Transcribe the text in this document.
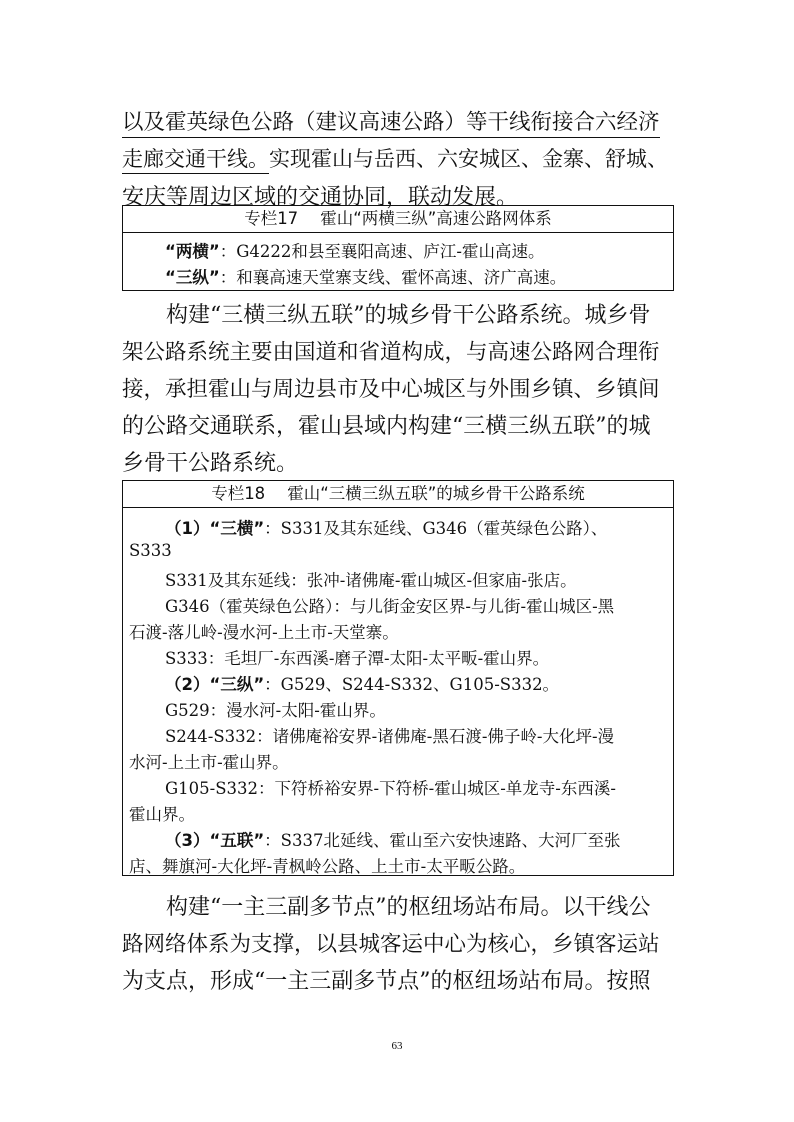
以及霍英绿色公路（建议高速公路）等干线衔接合六经济
走廊交通干线。实现霍山与岳西、六安城区、金寨、舒城、
安庆等周边区域的交通协同，联动发展。
专栏17 霍山“两横三纵”高速公路网体系
“两横”：G4222和县至襄阳高速、庐江-霍山高速。
“三纵”：和襄高速天堂寨支线、霍怀高速、济广高速。
构建“三横三纵五联”的城乡骨干公路系统。城乡骨
架公路系统主要由国道和省道构成，与高速公路网合理衔
接，承担霍山与周边县市及中心城区与外围乡镇、乡镇间
的公路交通联系，霍山县域内构建“三横三纵五联”的城
乡骨干公路系统。
专栏18 霍山“三横三纵五联”的城乡骨干公路系统
（1）“三横”：S331及其东延线、G346（霍英绿色公路）、
S333
S331及其东延线：张冲-诸佛庵-霍山城区-但家庙-张店。
G346（霍英绿色公路）：与儿街金安区界-与儿街-霍山城区-黑
石渡-落儿岭-漫水河-上土市-天堂寨。
S333：毛坦厂-东西溪-磨子潭-太阳-太平畈-霍山界。
（2）“三纵”：G529、S244-S332、G105-S332。
G529：漫水河-太阳-霍山界。
S244-S332：诸佛庵裕安界-诸佛庵-黑石渡-佛子岭-大化坪-漫
水河-上土市-霍山界。
G105-S332：下符桥裕安界-下符桥-霍山城区-单龙寺-东西溪-
霍山界。
（3）“五联”：S337北延线、霍山至六安快速路、大河厂至张
店、舞旗河-大化坪-青枫岭公路、上土市-太平畈公路。
构建“一主三副多节点”的枢纽场站布局。以干线公
路网络体系为支撑，以县城客运中心为核心，乡镇客运站
为支点，形成“一主三副多节点”的枢纽场站布局。按照
63
